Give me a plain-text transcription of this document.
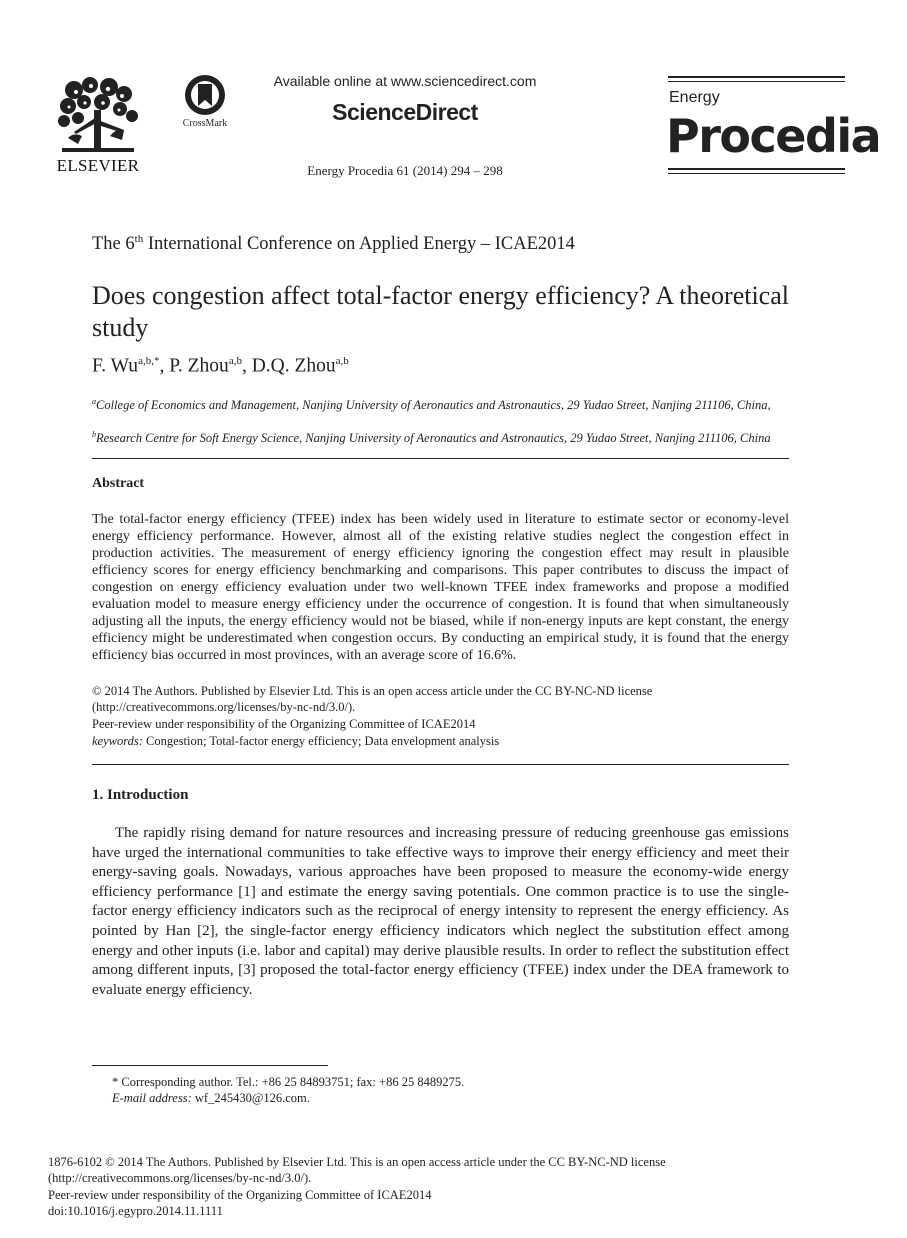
ELSEVIER
CrossMark
Available online at www.sciencedirect.com
ScienceDirect
Energy Procedia 61 (2014) 294 – 298
Energy
Procedia
The 6th International Conference on Applied Energy – ICAE2014
Does congestion affect total-factor energy efficiency? A theoretical study
F. $Wu^{a,b,*}$, P. Zhou$^{a,b}$, D.Q. Zhou$^{a,b}$
$^a$College of Economics and Management, Nanjing University of Aeronautics and Astronautics, 29 Yudao Street, Nanjing 211106, China,
$^b$Research Centre for Soft Energy Science, Nanjing University of Aeronautics and Astronautics, 29 Yudao Street, Nanjing 211106, China
Abstract
The total-factor energy efficiency (TFEE) index has been widely used in literature to estimate sector or economy-level energy efficiency performance. However, almost all of the existing relative studies neglect the congestion effect in production activities. The measurement of energy efficiency ignoring the congestion effect may result in plausible efficiency scores for energy efficiency benchmarking and comparisons. This paper contributes to discuss the impact of congestion on energy efficiency evaluation under two well-known TFEE index frameworks and propose a modified evaluation model to measure energy efficiency under the occurrence of congestion. It is found that when simultaneously adjusting all the inputs, the energy efficiency would not be biased, while if non-energy inputs are kept constant, the energy efficiency might be underestimated when congestion occurs. By conducting an empirical study, it is found that the energy efficiency bias occurred in most provinces, with an average score of 16.6%.
© 2014 The Authors. Published by Elsevier Ltd. This is an open access article under the CC BY-NC-ND license
(http://creativecommons.org/licenses/by-nc-nd/3.0/).
Peer-review under responsibility of the Organizing Committee of ICAE2014
keywords: Congestion; Total-factor energy efficiency; Data envelopment analysis
1. Introduction
The rapidly rising demand for nature resources and increasing pressure of reducing greenhouse gas emissions have urged the international communities to take effective ways to improve their energy efficiency and meet their energy-saving goals. Nowadays, various approaches have been proposed to measure the economy-wide energy efficiency performance [1] and estimate the energy saving potentials. One common practice is to use the single-factor energy efficiency indicators such as the reciprocal of energy intensity to represent the energy efficiency. As pointed by Han [2], the single-factor energy efficiency indicators which neglect the substitution effect among energy and other inputs (i.e. labor and capital) may derive plausible results. In order to reflect the substitution effect among different inputs, [3] proposed the total-factor energy efficiency (TFEE) index under the DEA framework to evaluate energy efficiency.
* Corresponding author. Tel.: +86 25 84893751; fax: +86 25 8489275.
E-mail address: wf_245430@126.com.
1876-6102 © 2014 The Authors. Published by Elsevier Ltd. This is an open access article under the CC BY-NC-ND license
(http://creativecommons.org/licenses/by-nc-nd/3.0/).
Peer-review under responsibility of the Organizing Committee of ICAE2014
doi:10.1016/j.egypro.2014.11.1111
